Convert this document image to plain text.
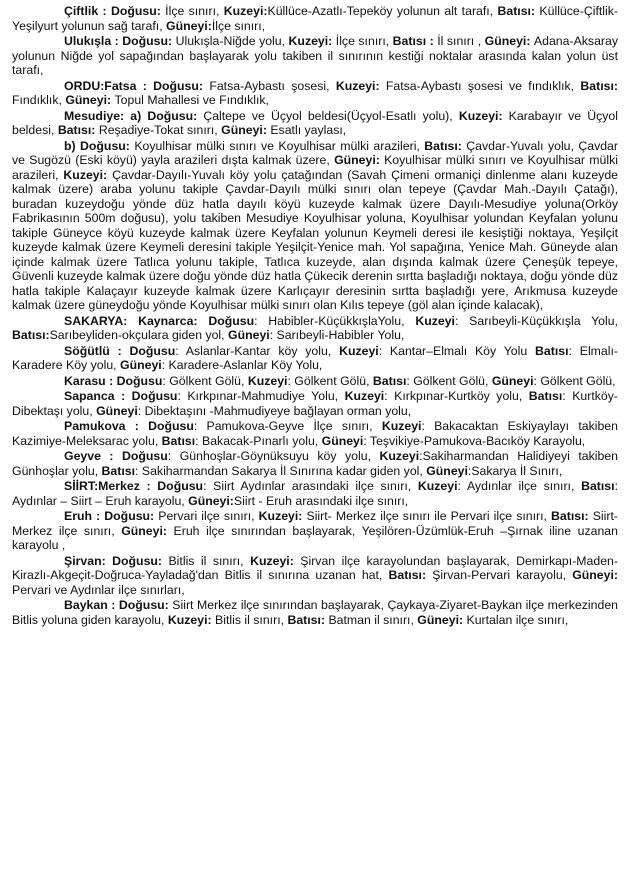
Çiftlik : Doğusu: İlçe sınırı, Kuzeyi:Küllüce-Azatlı-Tepeköy yolunun alt tarafı, Batısı: Küllüce-Çiftlik-Yeşilyurt yolunun sağ tarafı, Güneyi:İlçe sınırı,

Ulukışla : Doğusu: Ulukışla-Niğde yolu, Kuzeyi: İlçe sınırı, Batısı : İl sınırı , Güneyi: Adana-Aksaray yolunun Niğde yol sapağından başlayarak yolu takiben il sınırının kestiği noktalar arasında kalan yolun üst tarafı,

ORDU:Fatsa : Doğusu: Fatsa-Aybastı şosesi, Kuzeyi: Fatsa-Aybastı şosesi ve fındıklık, Batısı: Fındıklık, Güneyi: Topul Mahallesi ve Fındıklık,

Mesudiye: a) Doğusu: Çaltepe ve Üçyol beldesi(Üçyol-Esatlı yolu), Kuzeyi: Karabayır ve Üçyol beldesi, Batısı: Reşadiye-Tokat sınırı, Güneyi: Esatlı yaylası,

b) Doğusu: Koyulhisar mülki sınırı ve Koyulhisar mülki arazileri, Batısı: Çavdar-Yuvalı yolu, Çavdar ve Sugözü (Eski köyü) yayla arazileri dışta kalmak üzere, Güneyi: Koyulhisar mülki sınırı ve Koyulhisar mülki arazileri, Kuzeyi: Çavdar-Dayılı-Yuvalı köy yolu çatağından (Savah Çimeni ormaniçi dinlenme alanı kuzeyde kalmak üzere) araba yolunu takiple Çavdar-Dayılı mülki sınırı olan tepeye (Çavdar Mah.-Dayılı Çatağı), buradan kuzeydoğu yönde düz hatla dayılı köyü kuzeyde kalmak üzere Dayılı-Mesudiye yoluna(Orköy Fabrikasının 500m doğusu), yolu takiben Mesudiye Koyulhisar yoluna, Koyulhisar yolundan Keyfalan yolunu takiple Güneyce köyü kuzeyde kalmak üzere Keyfalan yolunun Keymeli deresi ile kesiştiği noktaya, Yeşilçit kuzeyde kalmak üzere Keymeli deresini takiple Yeşilçit-Yenice mah. Yol sapağına, Yenice Mah. Güneyde alan içinde kalmak üzere Tatlıca yolunu takiple, Tatlıca kuzeyde, alan dışında kalmak üzere Çeneşük tepeye, Güvenli kuzeyde kalmak üzere doğu yönde düz hatla Çükecik derenin sırtta başladığı noktaya, doğu yönde düz hatla takiple Kalaçayır kuzeyde kalmak üzere Karlıçayır deresinin sırtta başladığı yere, Arıkmusa kuzeyde kalmak üzere güneydoğu yönde Koyulhisar mülki sınırı olan Kılıs tepeye (göl alan içinde kalacak),

SAKARYA: Kaynarca: Doğusu: Habibler-KüçükkışlaYolu, Kuzeyi: Sarıbeyli-Küçükkışla Yolu, Batısı:Sarıbeyliden-okçulara giden yol, Güneyi: Sarıbeyli-Habibler Yolu,

Söğütlü : Doğusu: Aslanlar-Kantar köy yolu, Kuzeyi: Kantar–Elmalı Köy Yolu Batısı: Elmalı-Karadere Köy yolu, Güneyi: Karadere-Aslanlar Köy Yolu,

Karasu : Doğusu: Gölkent Gölü, Kuzeyi: Gölkent Gölü, Batısı: Gölkent Gölü, Güneyi: Gölkent Gölü,

Sapanca : Doğusu: Kırkpınar-Mahmudiye Yolu, Kuzeyi: Kırkpınar-Kurtköy yolu, Batısı: Kurtköy- Dibektaşı yolu, Güneyi: Dibektaşını -Mahmudiyeye bağlayan orman yolu,

Pamukova : Doğusu: Pamukova-Geyve İlçe sınırı, Kuzeyi: Bakacaktan Eskiyaylayı takiben Kazimiye-Meleksarac yolu, Batısı: Bakacak-Pınarlı yolu, Güneyi: Teşvikiye-Pamukova-Bacıköy Karayolu,

Geyve : Doğusu: Günhoşlar-Göynüksuyu köy yolu, Kuzeyi:Sakiharmandan Halidiyeyi takiben Günhoşlar yolu, Batısı: Sakiharmandan Sakarya İl Sınırına kadar giden yol, Güneyi:Sakarya İl Sınırı,

SİİRT:Merkez : Doğusu: Siirt Aydınlar arasındaki ilçe sınırı, Kuzeyi: Aydınlar ilçe sınırı, Batısı: Aydınlar – Siirt – Eruh karayolu, Güneyi:Siirt - Eruh arasındaki ilçe sınırı,

Eruh : Doğusu: Pervari ilçe sınırı, Kuzeyi: Siirt- Merkez ilçe sınırı ile Pervari ilçe sınırı, Batısı: Siirt- Merkez ilçe sınırı, Güneyi: Eruh ilçe sınırından başlayarak, Yeşilören-Üzümlük-Eruh –Şırnak iline uzanan karayolu ,

Şirvan: Doğusu: Bitlis il sınırı, Kuzeyi: Şirvan ilçe karayolundan başlayarak, Demirkapı-Maden-Kirazlı-Akgeçit-Doğruca-Yayladağ'dan Bitlis il sınırına uzanan hat, Batısı: Şirvan-Pervari karayolu, Güneyi: Pervari ve Aydınlar ilçe sınırları,

Baykan : Doğusu: Siirt Merkez ilçe sınırından başlayarak, Çaykaya-Ziyaret-Baykan ilçe merkezinden Bitlis yoluna giden karayolu, Kuzeyi: Bitlis il sınırı, Batısı: Batman il sınırı, Güneyi: Kurtalan ilçe sınırı,
